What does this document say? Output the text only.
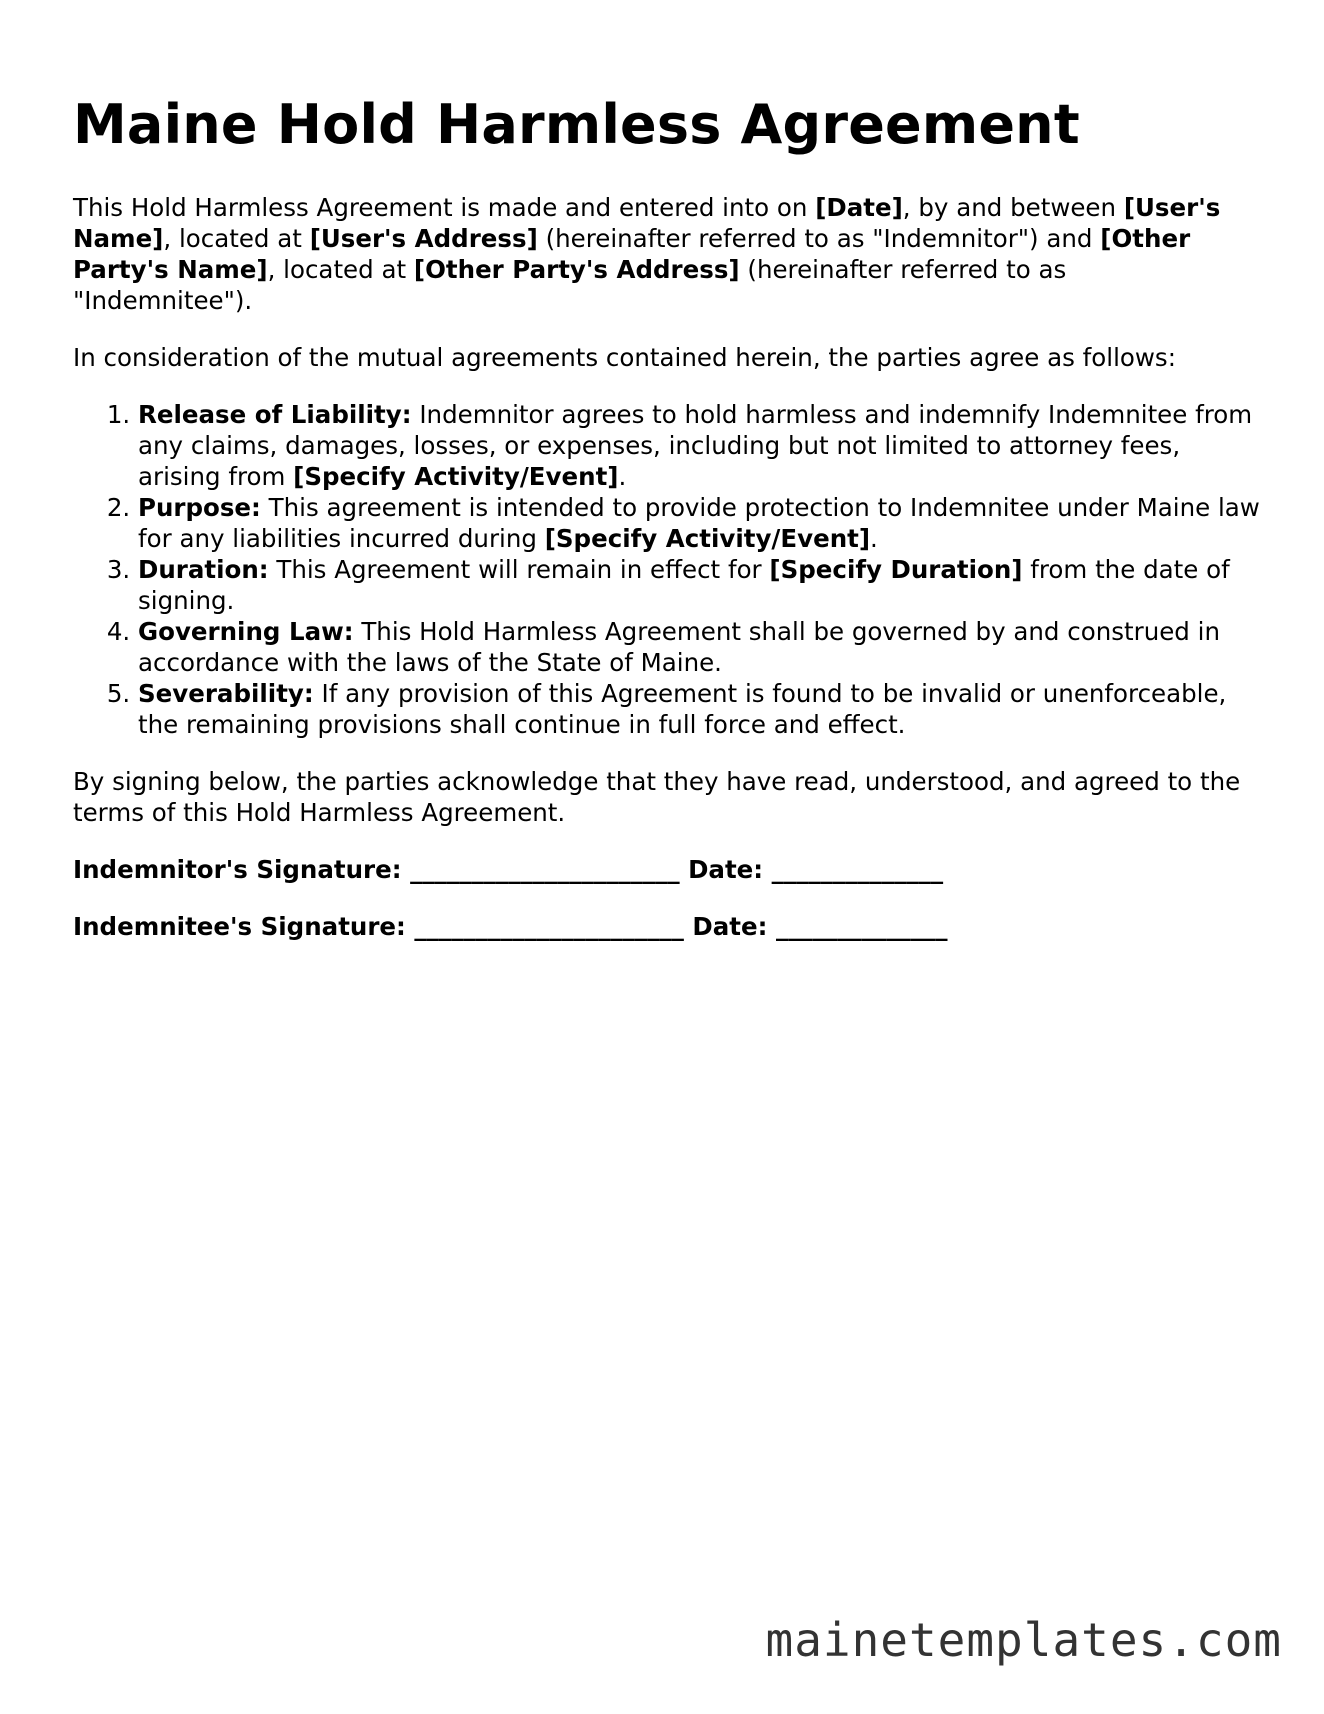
Maine Hold Harmless Agreement

This Hold Harmless Agreement is made and entered into on [Date], by and between [User's Name], located at [User's Address] (hereinafter referred to as "Indemnitor") and [Other Party's Name], located at [Other Party's Address] (hereinafter referred to as "Indemnitee").

In consideration of the mutual agreements contained herein, the parties agree as follows:

1. Release of Liability: Indemnitor agrees to hold harmless and indemnify Indemnitee from any claims, damages, losses, or expenses, including but not limited to attorney fees, arising from [Specify Activity/Event].
2. Purpose: This agreement is intended to provide protection to Indemnitee under Maine law for any liabilities incurred during [Specify Activity/Event].
3. Duration: This Agreement will remain in effect for [Specify Duration] from the date of signing.
4. Governing Law: This Hold Harmless Agreement shall be governed by and construed in accordance with the laws of the State of Maine.
5. Severability: If any provision of this Agreement is found to be invalid or unenforceable, the remaining provisions shall continue in full force and effect.

By signing below, the parties acknowledge that they have read, understood, and agreed to the terms of this Hold Harmless Agreement.

Indemnitor's Signature: ______________________ Date: ______________
Indemnitee's Signature: ______________________ Date: ______________
mainetemplates.com
